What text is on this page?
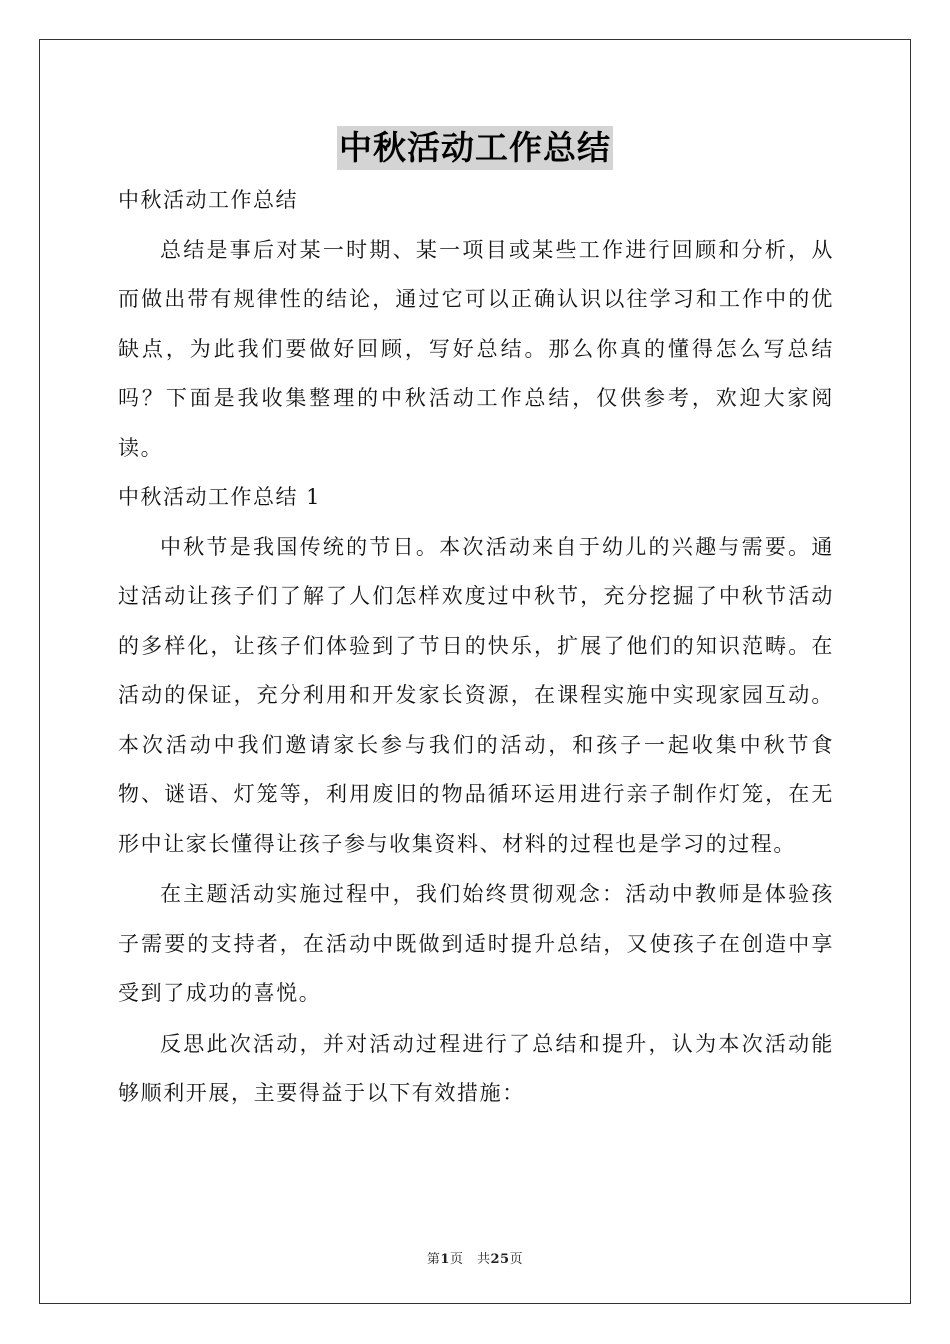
中秋活动工作总结

中秋活动工作总结

总结是事后对某一时期、某一项目或某些工作进行回顾和分析，从而做出带有规律性的结论，通过它可以正确认识以往学习和工作中的优缺点，为此我们要做好回顾，写好总结。那么你真的懂得怎么写总结吗？下面是我收集整理的中秋活动工作总结，仅供参考，欢迎大家阅读。

中秋活动工作总结 1

中秋节是我国传统的节日。本次活动来自于幼儿的兴趣与需要。通过活动让孩子们了解了人们怎样欢度过中秋节，充分挖掘了中秋节活动的多样化，让孩子们体验到了节日的快乐，扩展了他们的知识范畴。在活动的保证，充分利用和开发家长资源，在课程实施中实现家园互动。本次活动中我们邀请家长参与我们的活动，和孩子一起收集中秋节食物、谜语、灯笼等，利用废旧的物品循环运用进行亲子制作灯笼，在无形中让家长懂得让孩子参与收集资料、材料的过程也是学习的过程。

在主题活动实施过程中，我们始终贯彻观念：活动中教师是体验孩子需要的支持者，在活动中既做到适时提升总结，又使孩子在创造中享受到了成功的喜悦。

反思此次活动，并对活动过程进行了总结和提升，认为本次活动能够顺利开展，主要得益于以下有效措施：

第1页　共25页
